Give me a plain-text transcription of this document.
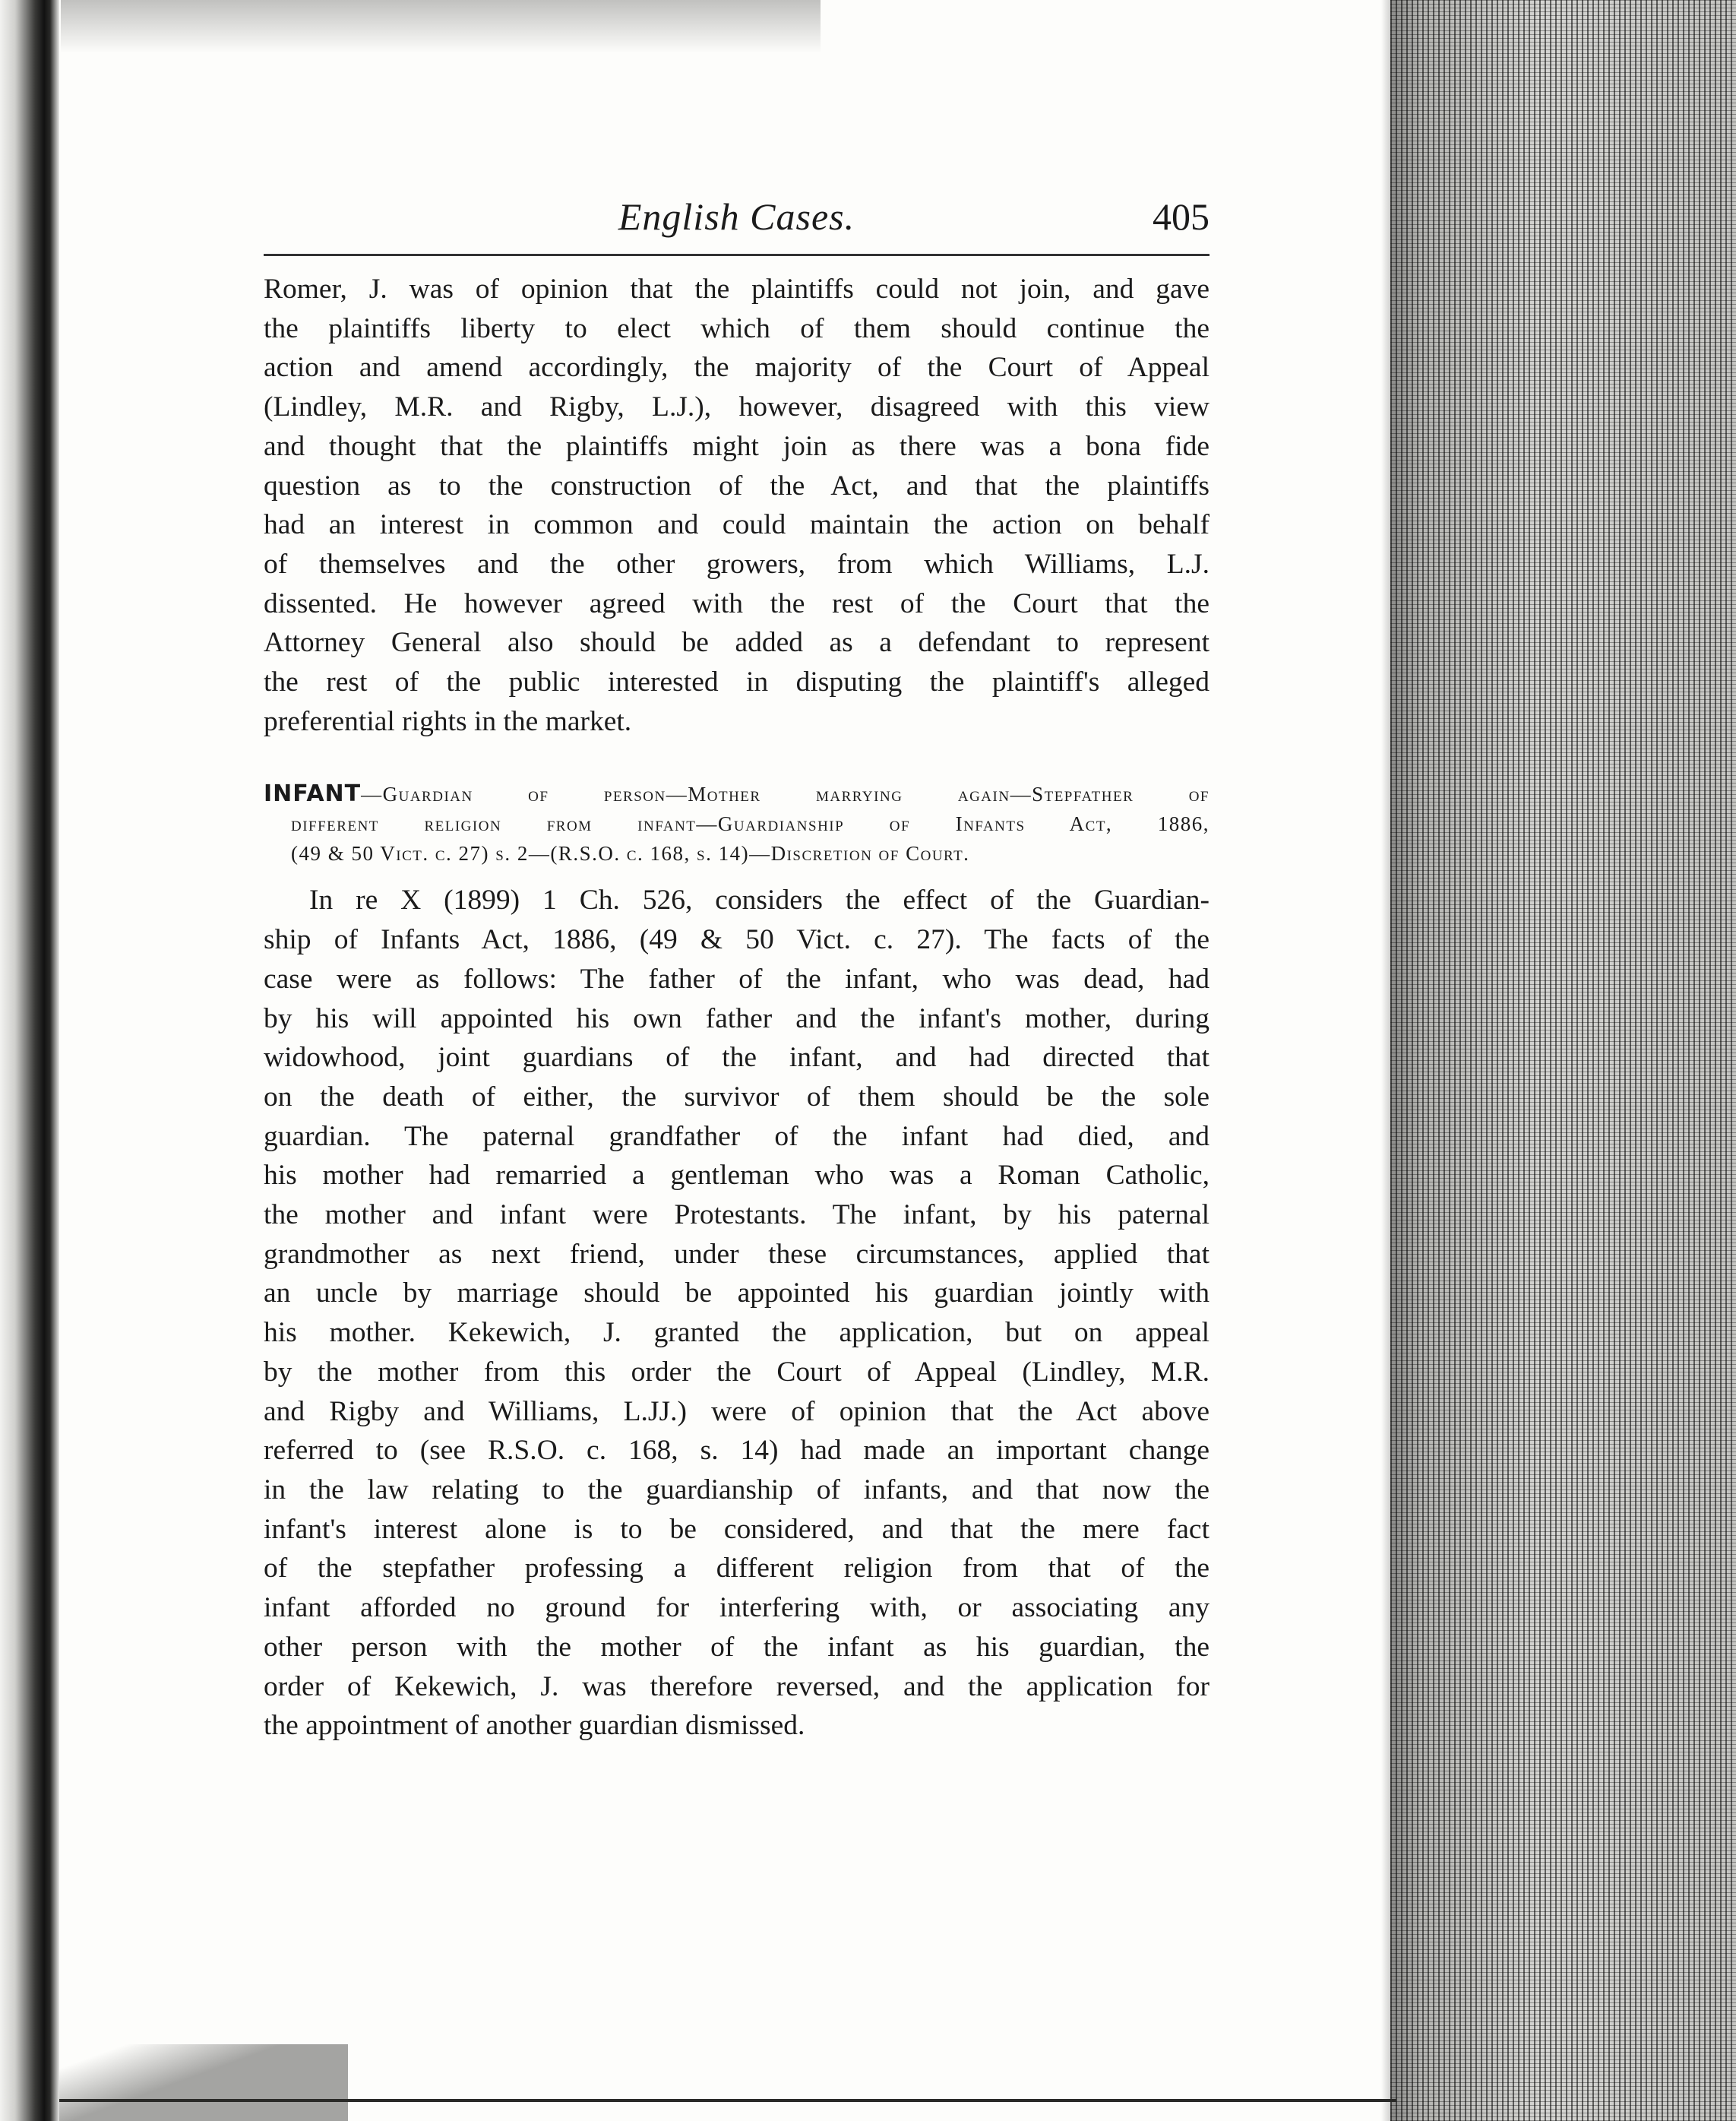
English Cases.	405

Romer, J. was of opinion that the plaintiffs could not join, and gave
the plaintiffs liberty to elect which of them should continue the
action and amend accordingly, the majority of the Court of Appeal
(Lindley, M.R. and Rigby, L.J.), however, disagreed with this view
and thought that the plaintiffs might join as there was a bona fide
question as to the construction of the Act, and that the plaintiffs
had an interest in common and could maintain the action on behalf
of themselves and the other growers, from which Williams, L.J.
dissented. He however agreed with the rest of the Court that the
Attorney General also should be added as a defendant to represent
the rest of the public interested in disputing the plaintiff's alleged
preferential rights in the market.

INFANT—Guardian of person—Mother marrying again—Stepfather of
different religion from infant—Guardianship of Infants Act, 1886,
(49 & 50 Vict. c. 27) s. 2—(R.S.O. c. 168, s. 14)—Discretion of Court.

In re X (1899) 1 Ch. 526, considers the effect of the Guardian-
ship of Infants Act, 1886, (49 & 50 Vict. c. 27). The facts of the
case were as follows: The father of the infant, who was dead, had
by his will appointed his own father and the infant's mother, during
widowhood, joint guardians of the infant, and had directed that
on the death of either, the survivor of them should be the sole
guardian. The paternal grandfather of the infant had died, and
his mother had remarried a gentleman who was a Roman Catholic,
the mother and infant were Protestants. The infant, by his paternal
grandmother as next friend, under these circumstances, applied that
an uncle by marriage should be appointed his guardian jointly with
his mother. Kekewich, J. granted the application, but on appeal
by the mother from this order the Court of Appeal (Lindley, M.R.
and Rigby and Williams, L.JJ.) were of opinion that the Act above
referred to (see R.S.O. c. 168, s. 14) had made an important change
in the law relating to the guardianship of infants, and that now the
infant's interest alone is to be considered, and that the mere fact
of the stepfather professing a different religion from that of the
infant afforded no ground for interfering with, or associating any
other person with the mother of the infant as his guardian, the
order of Kekewich, J. was therefore reversed, and the application for
the appointment of another guardian dismissed.
